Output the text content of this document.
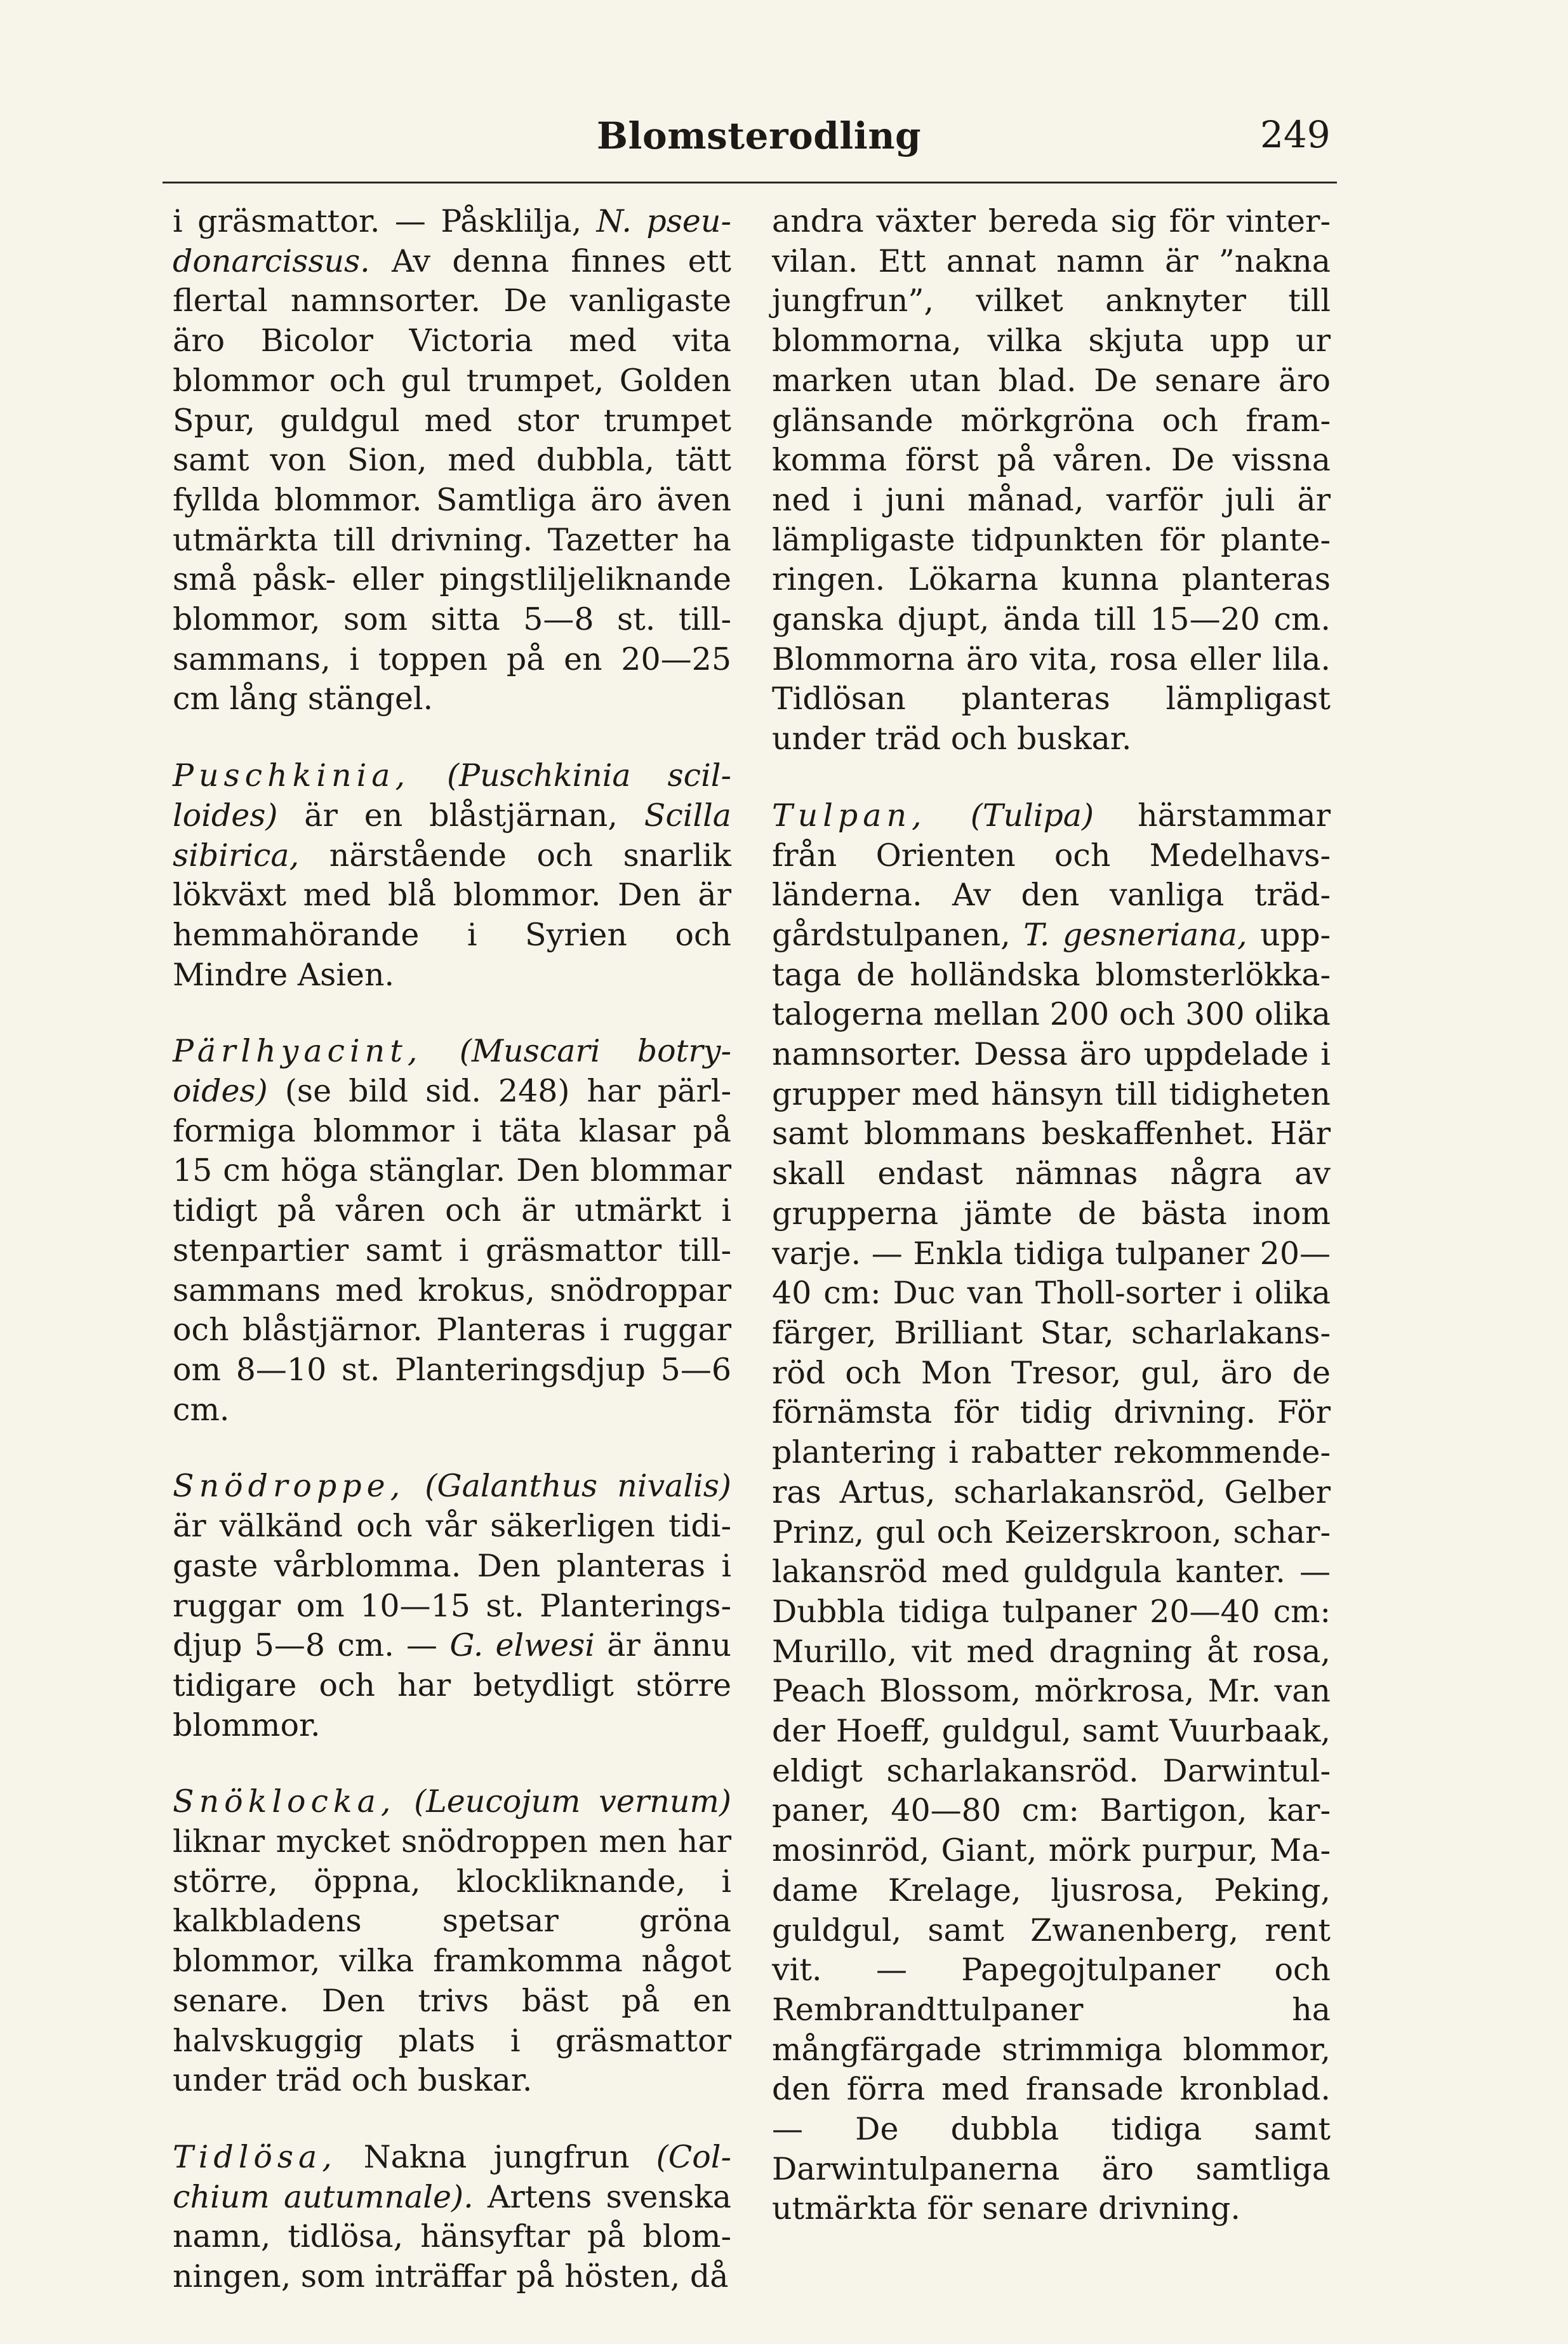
Blomsterodling	249

i gräsmattor. — Påsklilja, N. pseudonarcissus. Av denna finnes ett flertal namnsorter. De vanligaste äro Bicolor Victoria med vita blommor och gul trumpet, Golden Spur, guldgul med stor trumpet samt von Sion, med dubbla, tätt fyllda blommor. Samtliga äro även utmärkta till drivning. Tazetter ha små påsk- eller pingstliljeliknande blommor, som sitta 5—8 st. tillsammans, i toppen på en 20—25 cm lång stängel.

Puschkinia, (Puschkinia scilloides) är en blåstjärnan, Scilla sibirica, närstående och snarlik lökväxt med blå blommor. Den är hemmahörande i Syrien och Mindre Asien.

Pärlhyacint, (Muscari botryoides) (se bild sid. 248) har pärlformiga blommor i täta klasar på 15 cm höga stänglar. Den blommar tidigt på våren och är utmärkt i stenpartier samt i gräsmattor tillsammans med krokus, snödroppar och blåstjärnor. Planteras i ruggar om 8—10 st. Planteringsdjup 5—6 cm.

Snödroppe, (Galanthus nivalis) är välkänd och vår säkerligen tidigaste vårblomma. Den planteras i ruggar om 10—15 st. Planteringsdjup 5—8 cm. — G. elwesi är ännu tidigare och har betydligt större blommor.

Snöklocka, (Leucojum vernum) liknar mycket snödroppen men har större, öppna, klockliknande, i kalkbladens spetsar gröna blommor, vilka framkomma något senare. Den trivs bäst på en halvskuggig plats i gräsmattor under träd och buskar.

Tidlösa, Nakna jungfrun (Colchium autumnale). Artens svenska namn, tidlösa, hänsyftar på blomningen, som inträffar på hösten, då

andra växter bereda sig för vintervilan. Ett annat namn är ”nakna jungfrun”, vilket anknyter till blommorna, vilka skjuta upp ur marken utan blad. De senare äro glänsande mörkgröna och framkomma först på våren. De vissna ned i juni månad, varför juli är lämpligaste tidpunkten för planteringen. Lökarna kunna planteras ganska djupt, ända till 15—20 cm. Blommorna äro vita, rosa eller lila. Tidlösan planteras lämpligast under träd och buskar.

Tulpan, (Tulipa) härstammar från Orienten och Medelhavsländerna. Av den vanliga trädgårdstulpanen, T. gesneriana, upptaga de holländska blomsterlökkatalogerna mellan 200 och 300 olika namnsorter. Dessa äro uppdelade i grupper med hänsyn till tidigheten samt blommans beskaffenhet. Här skall endast nämnas några av grupperna jämte de bästa inom varje. — Enkla tidiga tulpaner 20—40 cm: Duc van Tholl-sorter i olika färger, Brilliant Star, scharlakansröd och Mon Tresor, gul, äro de förnämsta för tidig drivning. För plantering i rabatter rekommenderas Artus, scharlakansröd, Gelber Prinz, gul och Keizerskroon, scharlakansröd med guldgula kanter. — Dubbla tidiga tulpaner 20—40 cm: Murillo, vit med dragning åt rosa, Peach Blossom, mörkrosa, Mr. van der Hoeff, guldgul, samt Vuurbaak, eldigt scharlakansröd. Darwintulpaner, 40—80 cm: Bartigon, karmosinröd, Giant, mörk purpur, Madame Krelage, ljusrosa, Peking, guldgul, samt Zwanenberg, rent vit. — Papegojtulpaner och Rembrandttulpaner ha mångfärgade strimmiga blommor, den förra med fransade kronblad. — De dubbla tidiga samt Darwintulpanerna äro samtliga utmärkta för senare drivning.
